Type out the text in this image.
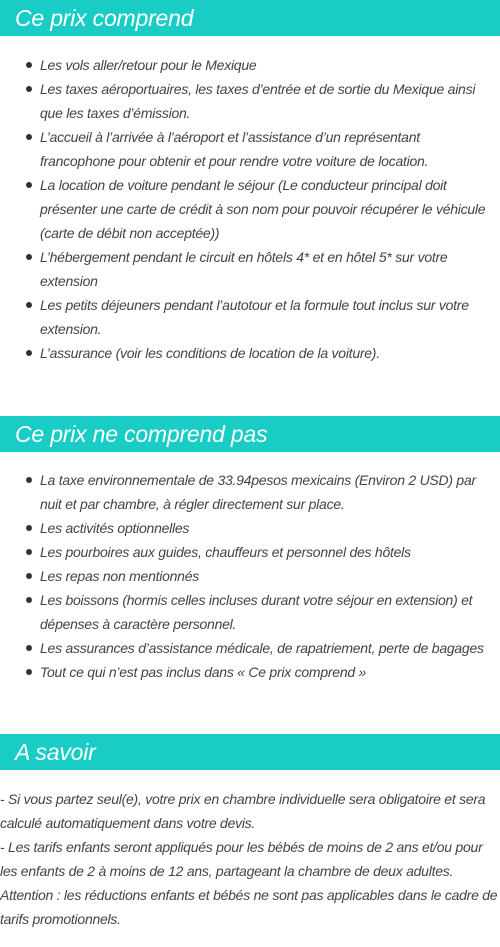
Ce prix comprend
Les vols aller/retour pour le Mexique
Les taxes aéroportuaires, les taxes d’entrée et de sortie du Mexique ainsi que les taxes d’émission.
L’accueil à l’arrivée à l’aéroport et l’assistance d’un représentant francophone pour obtenir et pour rendre votre voiture de location.
La location de voiture pendant le séjour (Le conducteur principal doit présenter une carte de crédit à son nom pour pouvoir récupérer le véhicule (carte de débit non acceptée))
L’hébergement pendant le circuit en hôtels 4* et en hôtel 5* sur votre extension
Les petits déjeuners pendant l’autotour et la formule tout inclus sur votre extension.
L’assurance (voir les conditions de location de la voiture).
Ce prix ne comprend pas
La taxe environnementale de 33.94pesos mexicains (Environ 2 USD) par nuit et par chambre, à régler directement sur place.
Les activités optionnelles
Les pourboires aux guides, chauffeurs et personnel des hôtels
Les repas non mentionnés
Les boissons (hormis celles incluses durant votre séjour en extension) et dépenses à caractère personnel.
Les assurances d’assistance médicale, de rapatriement, perte de bagages
Tout ce qui n’est pas inclus dans « Ce prix comprend »
A savoir

- Si vous partez seul(e), votre prix en chambre individuelle sera obligatoire et sera calculé automatiquement dans votre devis.

- Les tarifs enfants seront appliqués pour les bébés de moins de 2 ans et/ou pour les enfants de 2 à moins de 12 ans, partageant la chambre de deux adultes.

Attention : les réductions enfants et bébés ne sont pas applicables dans le cadre de tarifs promotionnels.
